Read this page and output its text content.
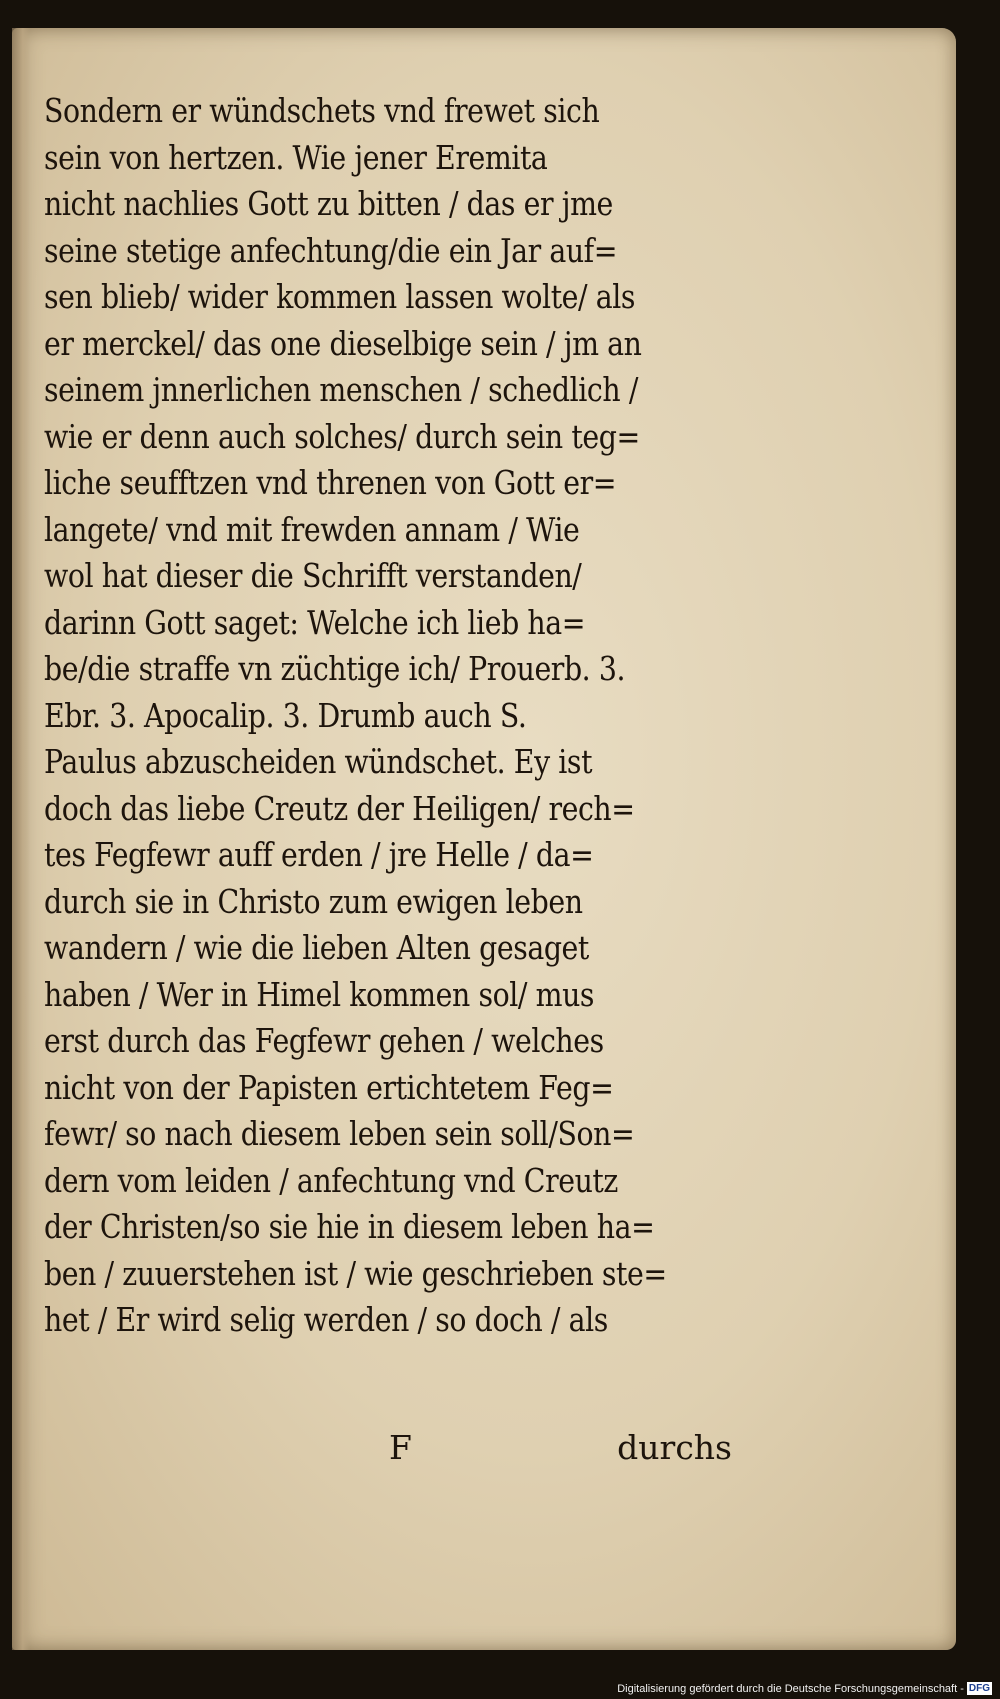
Sondern er wündschets vnd frewet sich
sein von hertzen. Wie jener Eremita
nicht nachlies Gott zu bitten / das er jme
seine stetige anfechtung/die ein Jar auf=
sen blieb/ wider kommen lassen wolte/ als
er merckel/ das one dieselbige sein / jm an
seinem jnnerlichen menschen / schedlich /
wie er denn auch solches/ durch sein teg=
liche seufftzen vnd threnen von Gott er=
langete/ vnd mit frewden annam / Wie
wol hat dieser die Schrifft verstanden/
darinn Gott saget: Welche ich lieb ha=
be/die straffe vn züchtige ich/ Prouerb. 3.
Ebr. 3. Apocalip. 3. Drumb auch S.
Paulus abzuscheiden wündschet. Ey ist
doch das liebe Creutz der Heiligen/ rech=
tes Fegfewr auff erden / jre Helle / da=
durch sie in Christo zum ewigen leben
wandern / wie die lieben Alten gesaget
haben / Wer in Himel kommen sol/ mus
erst durch das Fegfewr gehen / welches
nicht von der Papisten ertichtetem Feg=
fewr/ so nach diesem leben sein soll/Son=
dern vom leiden / anfechtung vnd Creutz
der Christen/so sie hie in diesem leben ha=
ben / zuuerstehen ist / wie geschrieben ste=
het / Er wird selig werden / so doch / als
F	durchs
Digitalisierung gefördert durch die Deutsche Forschungsgemeinschaft - DFG
